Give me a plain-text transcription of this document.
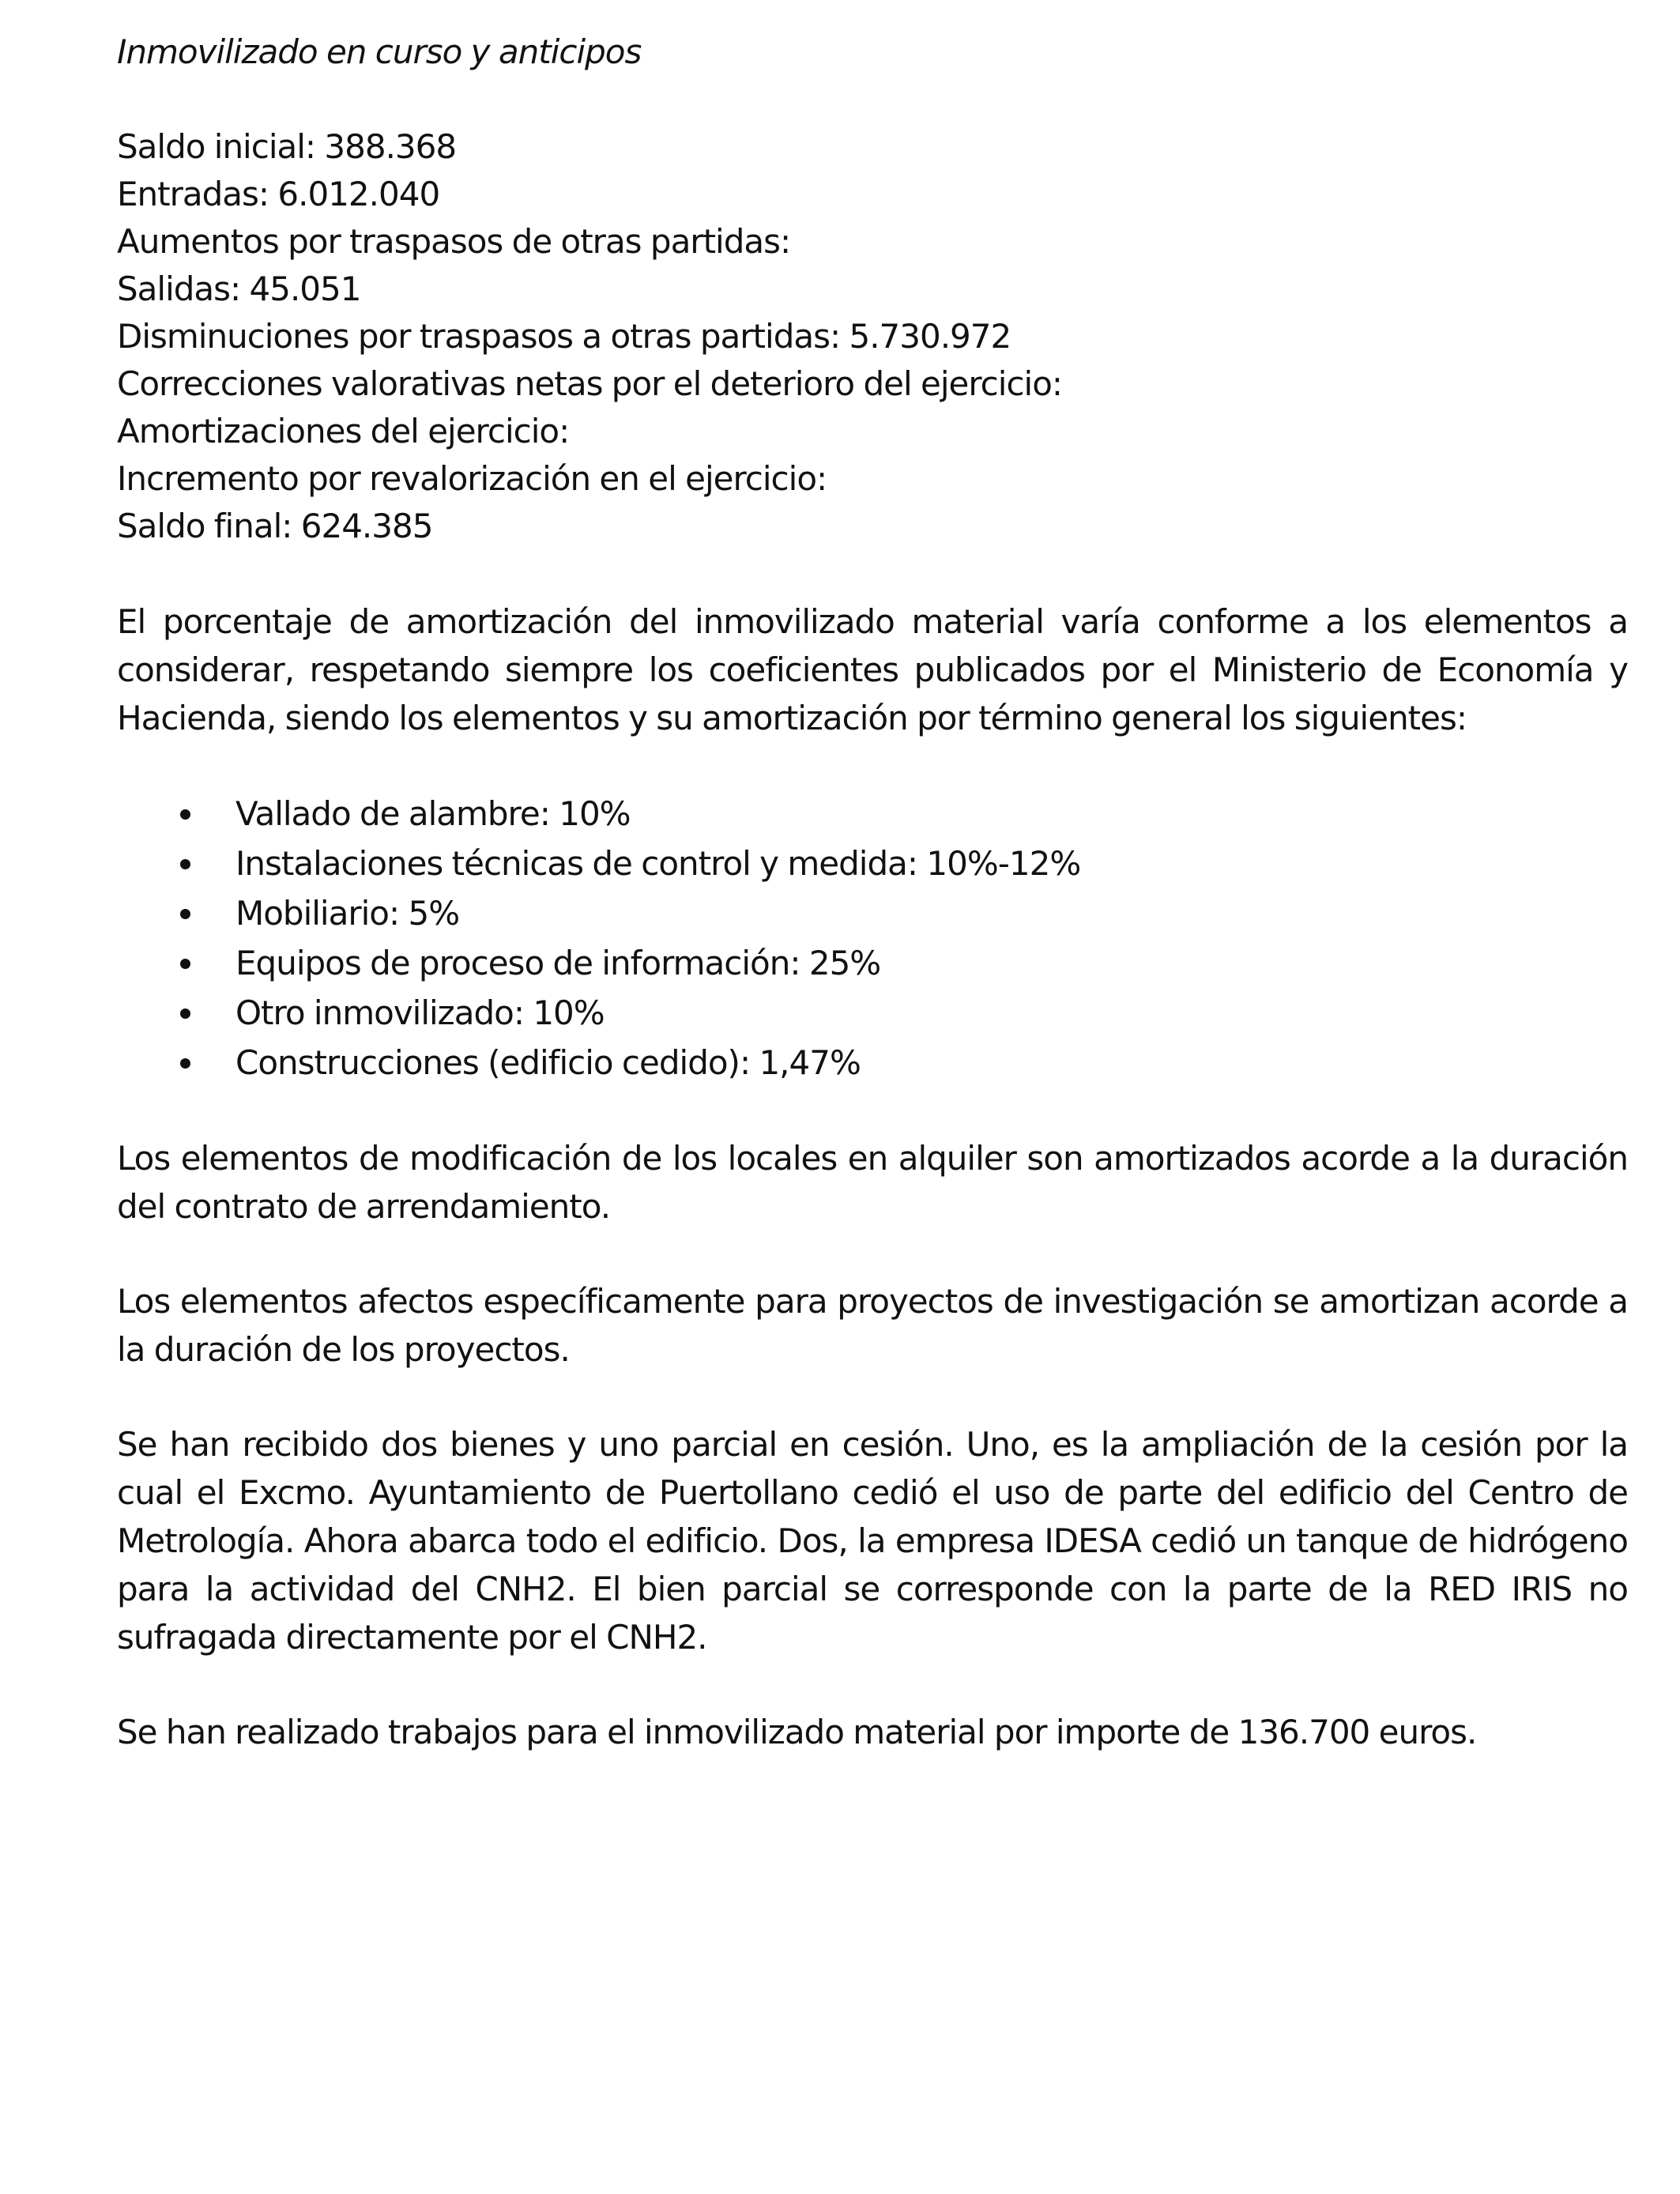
Inmovilizado en curso y anticipos
Saldo inicial: 388.368
Entradas: 6.012.040
Aumentos por traspasos de otras partidas:
Salidas: 45.051
Disminuciones por traspasos a otras partidas: 5.730.972
Correcciones valorativas netas por el deterioro del ejercicio:
Amortizaciones del ejercicio:
Incremento por revalorización en el ejercicio:
Saldo final: 624.385

El porcentaje de amortización del inmovilizado material varía conforme a los elementos a considerar, respetando siempre los coeficientes publicados por el Ministerio de Economía y Hacienda, siendo los elementos y su amortización por término general los siguientes:

Vallado de alambre: 10%
Instalaciones técnicas de control y medida: 10%-12%
Mobiliario: 5%
Equipos de proceso de información: 25%
Otro inmovilizado: 10%
Construcciones (edificio cedido): 1,47%

Los elementos de modificación de los locales en alquiler son amortizados acorde a la duración del contrato de arrendamiento.

Los elementos afectos específicamente para proyectos de investigación se amortizan acorde a la duración de los proyectos.

Se han recibido dos bienes y uno parcial en cesión. Uno, es la ampliación de la cesión por la cual el Excmo. Ayuntamiento de Puertollano cedió el uso de parte del edificio del Centro de Metrología. Ahora abarca todo el edificio. Dos, la empresa IDESA cedió un tanque de hidrógeno para la actividad del CNH2. El bien parcial se corresponde con la parte de la RED IRIS no sufragada directamente por el CNH2.

Se han realizado trabajos para el inmovilizado material por importe de 136.700 euros.
